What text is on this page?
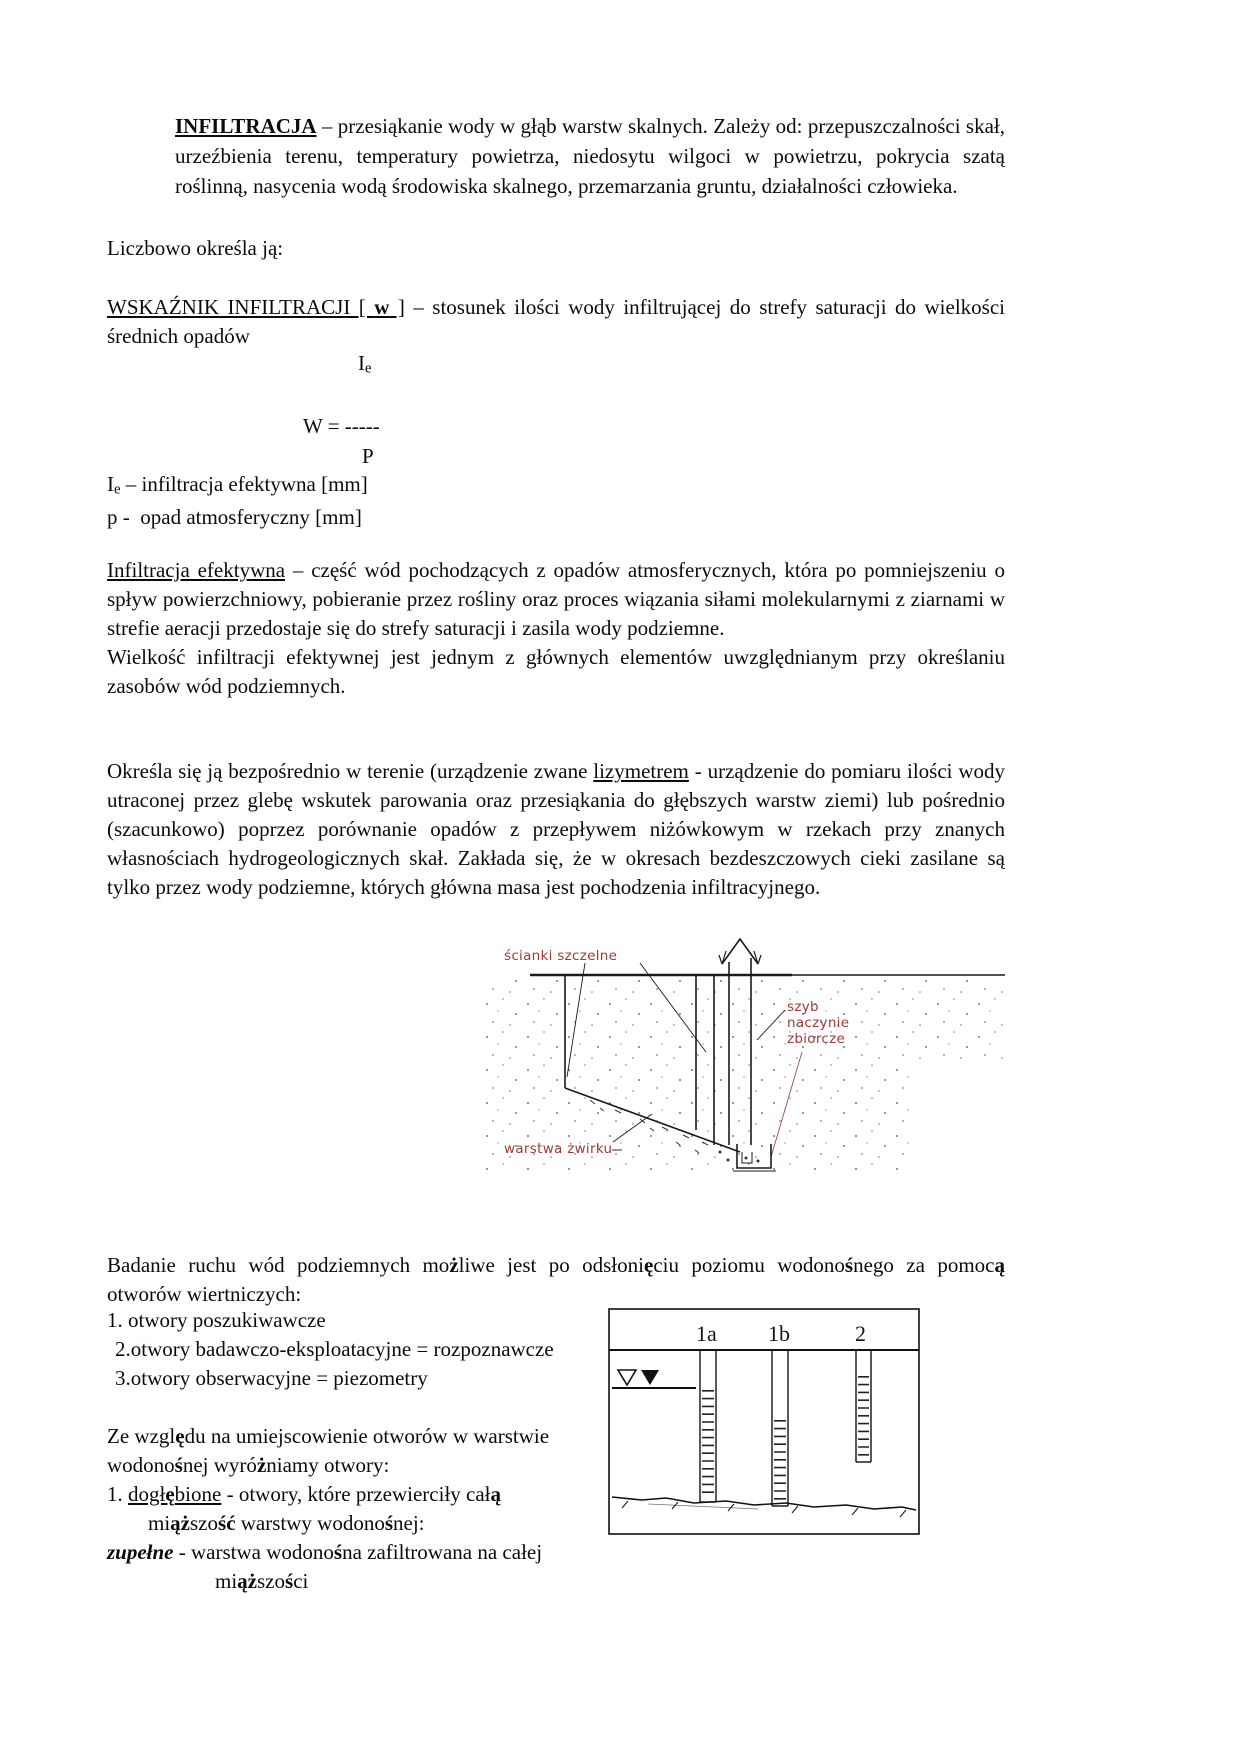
INFILTRACJA – przesiąkanie wody w głąb warstw skalnych. Zależy od: przepuszczalności skał, urzeźbienia terenu, temperatury powietrza, niedosytu wilgoci w powietrzu, pokrycia szatą roślinną, nasycenia wodą środowiska skalnego, przemarzania gruntu, działalności człowieka.

Liczbowo określa ją:

WSKAŹNIK INFILTRACJI [ w ] – stosunek ilości wody infiltrującej do strefy saturacji do wielkości średnich opadów

$I_e$
W = -----
P
$I_e$ – infiltracja efektywna [mm]
p -  opad atmosferyczny [mm]

Infiltracja efektywna – część wód pochodzących z opadów atmosferycznych, która po pomniejszeniu o spływ powierzchniowy, pobieranie przez rośliny oraz proces wiązania siłami molekularnymi z ziarnami w strefie aeracji przedostaje się do strefy saturacji i zasila wody podziemne.

Wielkość infiltracji efektywnej jest jednym z głównych elementów uwzględnianym przy określaniu zasobów wód podziemnych.

Określa się ją bezpośrednio w terenie (urządzenie zwane lizymetrem - urządzenie do pomiaru ilości wody utraconej przez glebę wskutek parowania oraz przesiąkania do głębszych warstw ziemi) lub pośrednio (szacunkowo) poprzez porównanie opadów z przepływem niżówkowym w rzekach przy znanych własnościach hydrogeologicznych skał. Zakłada się, że w okresach bezdeszczowych cieki zasilane są tylko przez wody podziemne, których główna masa jest pochodzenia infiltracyjnego.

ścianki szczelne
szyb
naczynie
zbiorcze
warstwa żwirku

Badanie ruchu wód podziemnych możliwe jest po odsłonięciu poziomu wodonośnego za pomocą otworów wiertniczych:

1. otwory poszukiwawcze
2.otwory badawczo-eksploatacyjne = rozpoznawcze
3.otwory obserwacyjne = piezometry
Ze względu na umiejscowienie otworów w warstwie
wodonośnej wyróżniamy otwory:
1. dogłębione - otwory, które przewierciły całą
miąższość warstwy wodonośnej:
zupełne - warstwa wodonośna zafiltrowana na całej
miąższości
1a 1b	2
